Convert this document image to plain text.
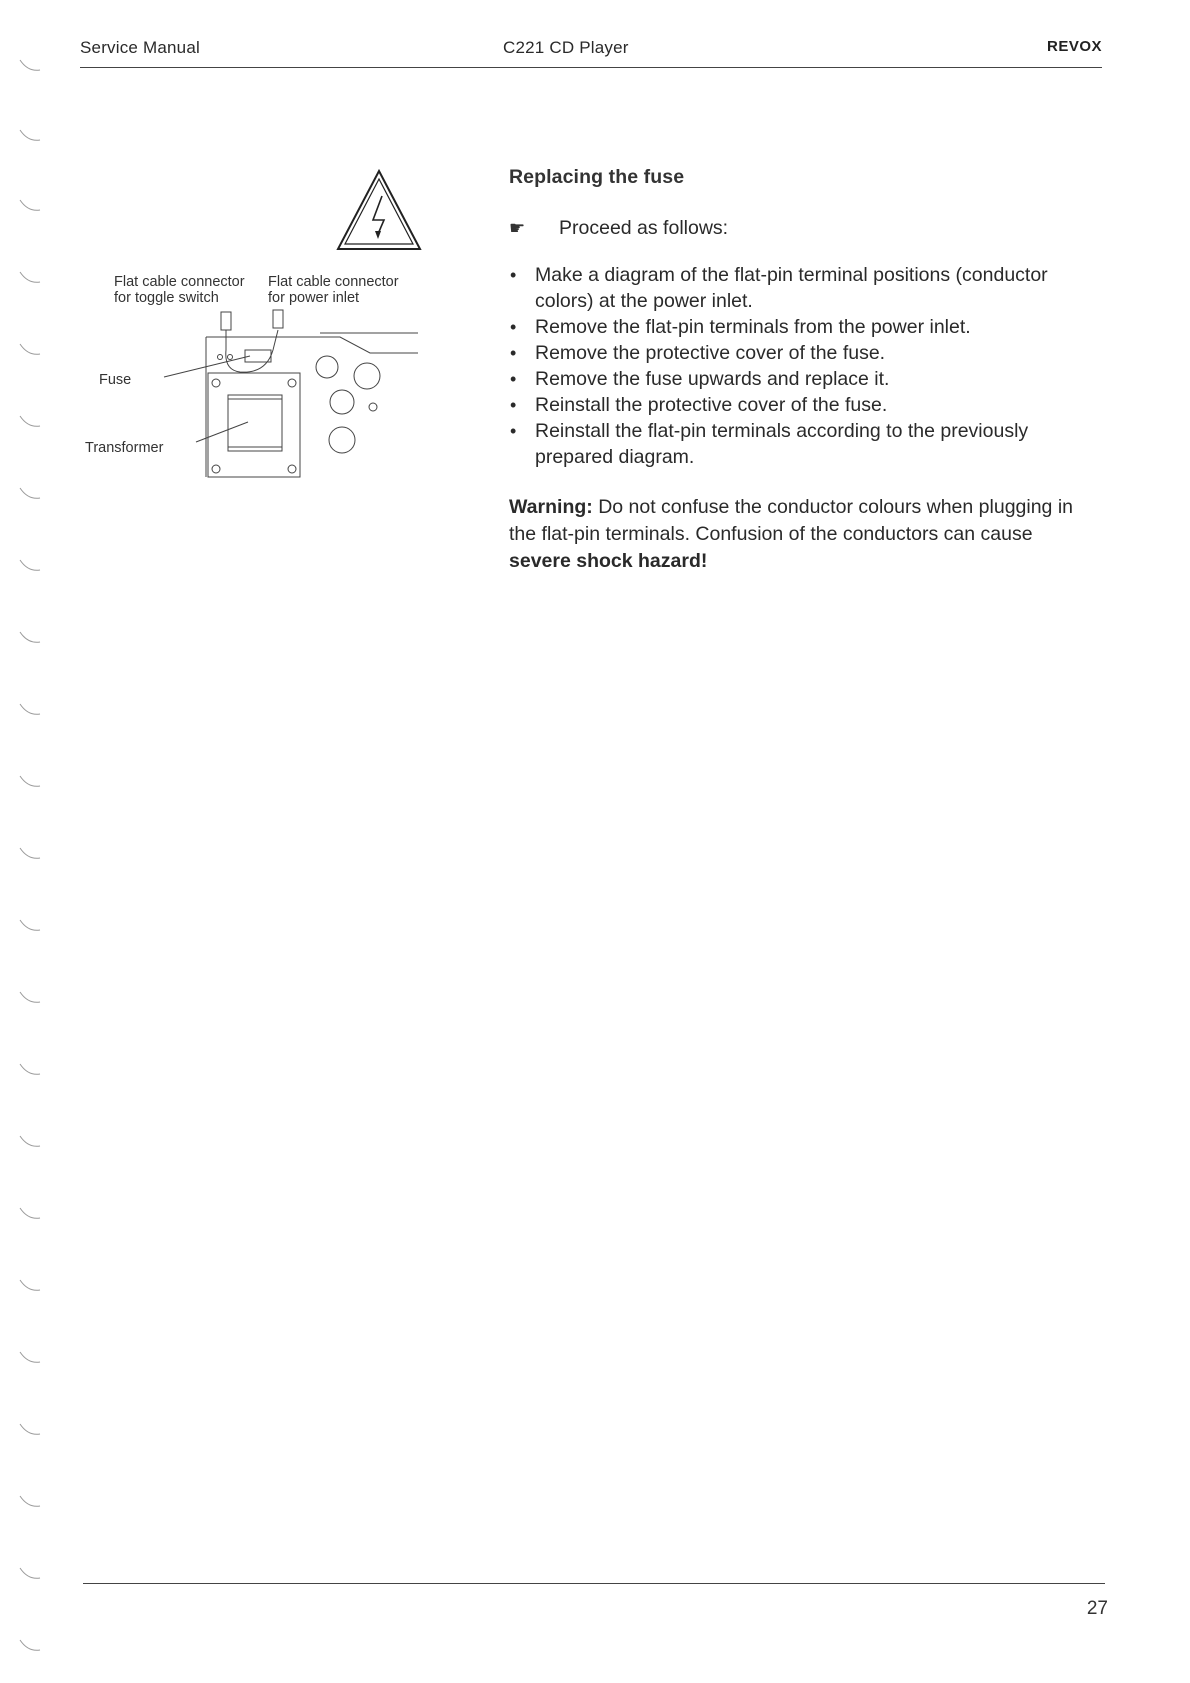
Service Manual	C221 CD Player	REVOX
Flat cable connector
for toggle switch
Flat cable connector
for power inlet
Fuse
Transformer
Replacing the fuse
☛	Proceed as follows:
• Make a diagram of the flat-pin terminal positions (conductor colors) at the power inlet.
• Remove the flat-pin terminals from the power inlet.
• Remove the protective cover of the fuse.
• Remove the fuse upwards and replace it.
• Reinstall the protective cover of the fuse.
• Reinstall the flat-pin terminals according to the previously prepared diagram.

Warning: Do not confuse the conductor colours when plugging in the flat-pin terminals. Confusion of the conductors can cause severe shock hazard!

27
